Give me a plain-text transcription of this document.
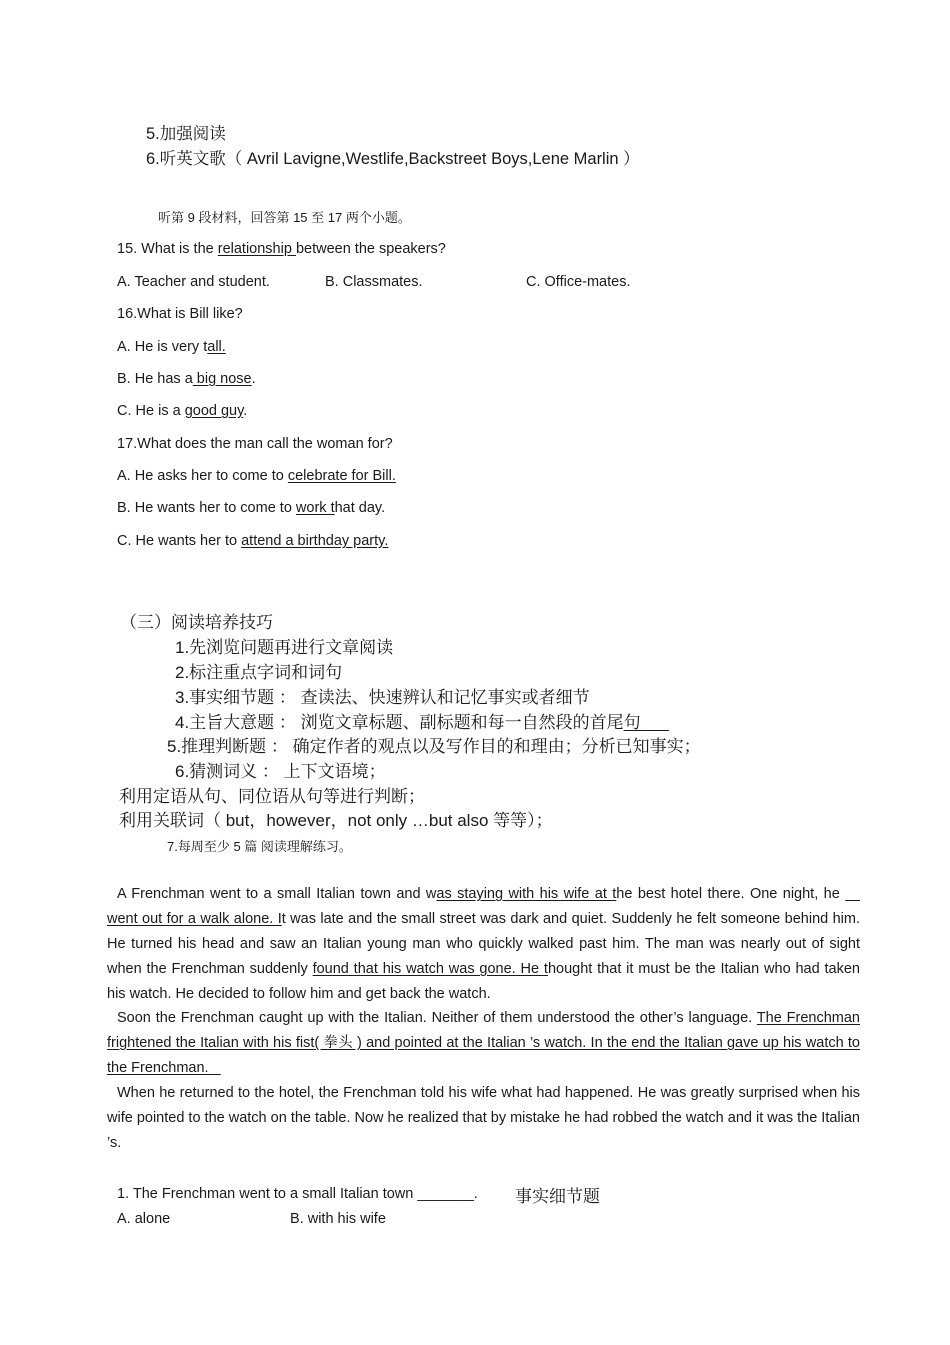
5.加强阅读
6.听英文歌（ Avril Lavigne,Westlife,Backstreet Boys,Lene Marlin ）
听第 9 段材料，回答第 15 至 17 两个小题。
15. What is the relationship between the speakers?
A. Teacher and student.	B. Classmates.	C. Office-mates.
16.What is Bill like?
A. He is very tall.
B. He has a big nose.
C. He is a good guy.
17.What does the man call the woman for?
A. He asks her to come to celebrate for Bill.
B. He wants her to come to work that day.
C. He wants her to attend a birthday party.
（三）阅读培养技巧
1.先浏览问题再进行文章阅读
2.标注重点字词和词句
3.事实细节题 ： 查读法、快速辨认和记忆事实或者细节
4.主旨大意题 ： 浏览文章标题、副标题和每一自然段的首尾句
5.推理判断题 ： 确定作者的观点以及写作目的和理由；分析已知事实；
6.猜测词义 ： 上下文语境；
利用定语从句、同位语从句等进行判断；
利用关联词（ but，however，not only …but also 等等）；
7.每周至少 5 篇 阅读理解练习。
A Frenchman went to a small Italian town and was staying with his wife at the best hotel there. One night, he     went out for a walk alone. It was late and the small street was dark and quiet. Suddenly he felt someone behind him. He turned his head and saw an Italian young man who quickly walked past him. The man was nearly out of sight when the Frenchman suddenly found that his watch was gone. He thought that it must be the Italian who had taken his watch. He decided to follow him and get back the watch.
Soon the Frenchman caught up with the Italian. Neither of them understood the other’s language. The Frenchman frightened the Italian with his fist( 拳头 ) and pointed at the Italian ’s watch. In the end the Italian gave up his watch to the Frenchman.
When he returned to the hotel, the Frenchman told his wife what had happened. He was greatly surprised when his wife pointed to the watch on the table. Now he realized that by mistake he had robbed the watch and it was the Italian ’s.
1. The Frenchman went to a small Italian town _______. 事实细节题
A. alone	B. with his wife
